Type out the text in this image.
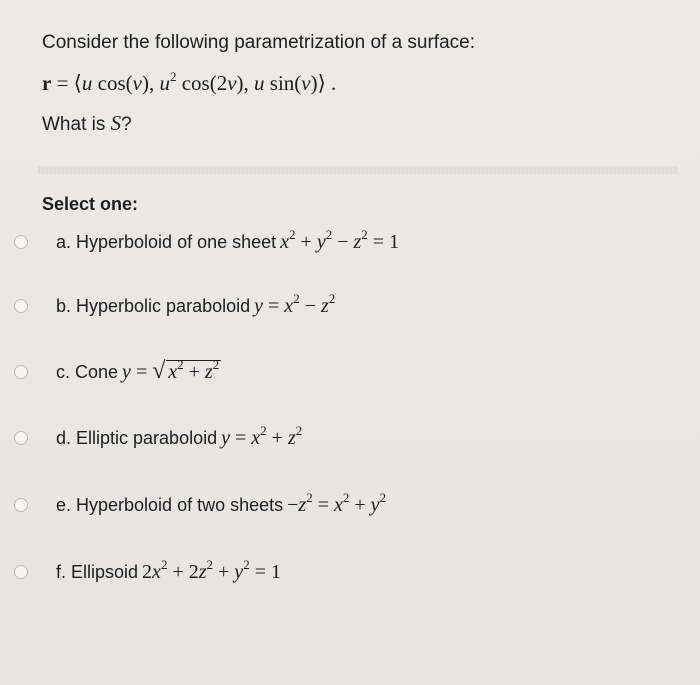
Consider the following parametrization of a surface:

r = ⟨u cos(v), $u^2$ cos(2v), u sin(v)⟩ .
What is S?
Select one:
a. Hyperboloid of one sheet $x^2 + y^2 - z^2 = 1$
b. Hyperbolic paraboloid $y = x^2 - z^2$
c. Cone y = √ $x^2 + z^2$
d. Elliptic paraboloid $y = x^2 + z^2$
e. Hyperboloid of two sheets $-z^2 = x^2 + y^2$
f. Ellipsoid $2x^2 + 2z^2 + y^2 = 1$
